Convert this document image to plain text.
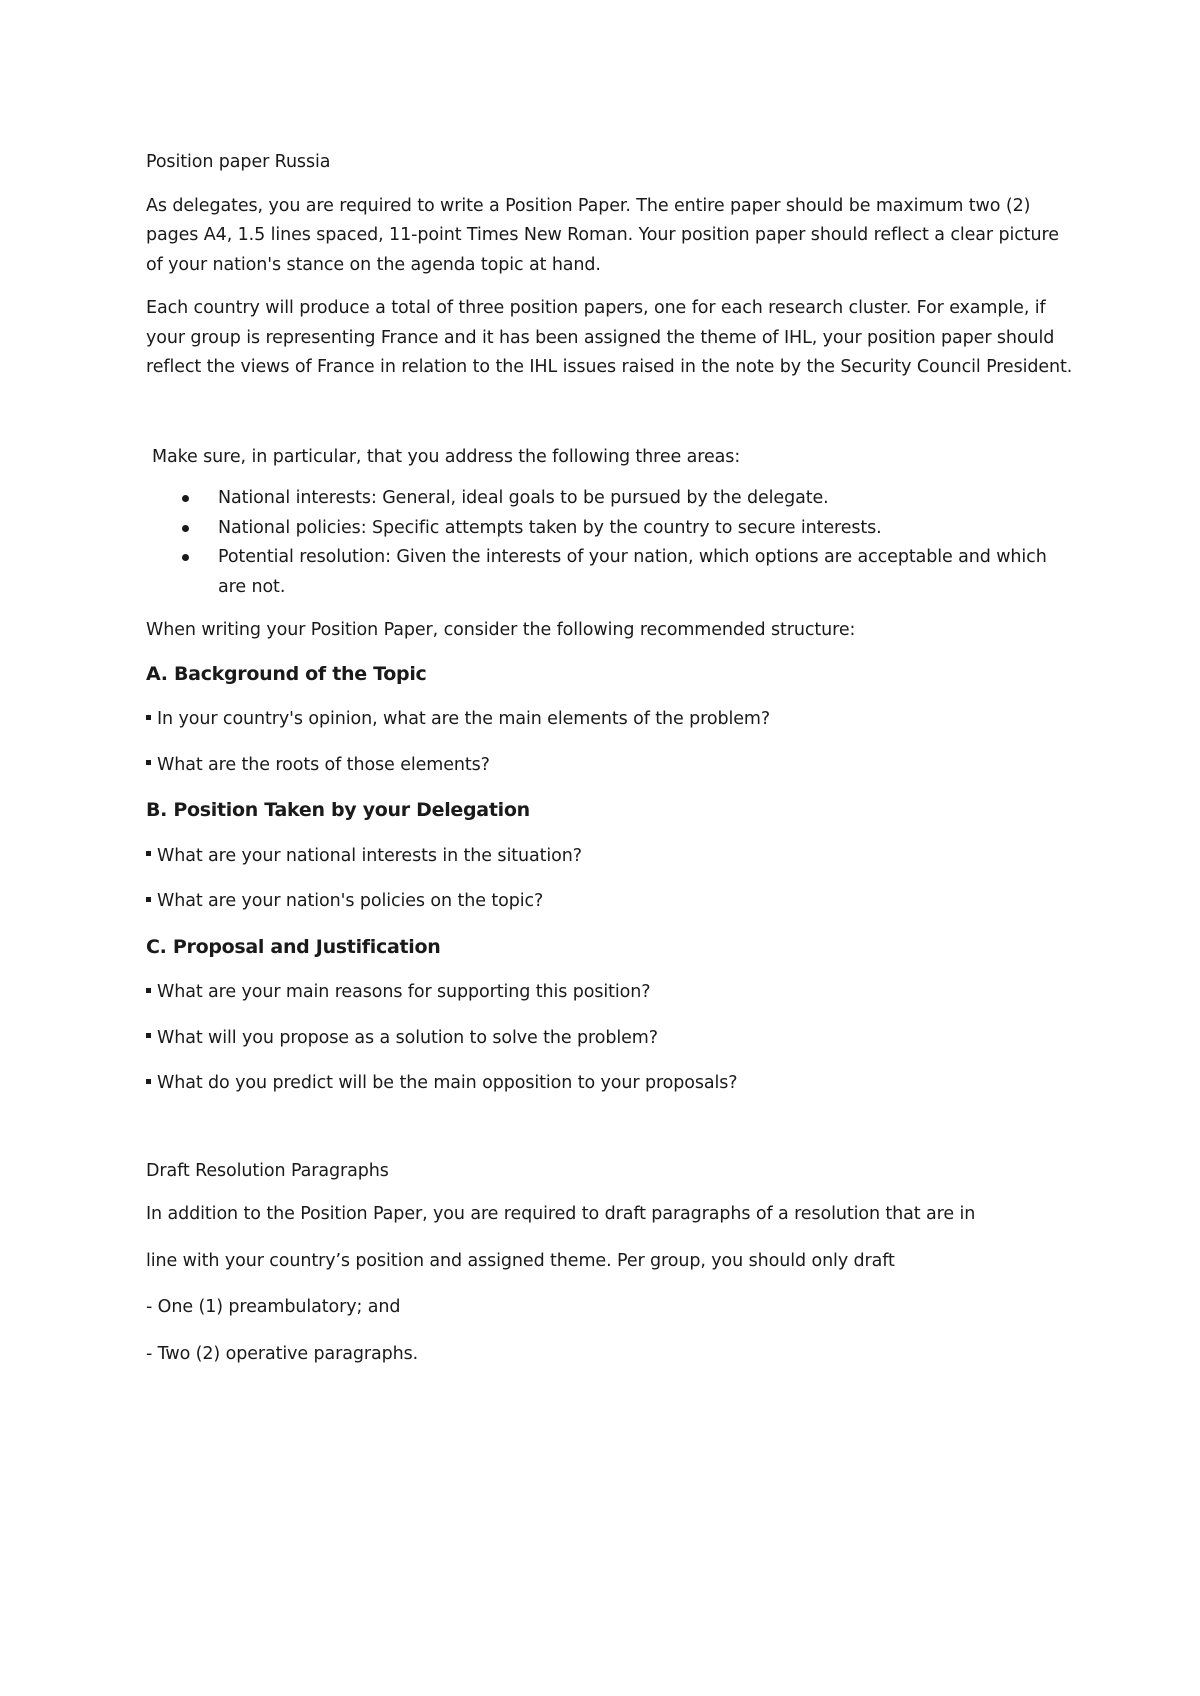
Position paper Russia

As delegates, you are required to write a Position Paper. The entire paper should be maximum two (2) pages A4, 1.5 lines spaced, 11-point Times New Roman. Your position paper should reflect a clear picture of your nation's stance on the agenda topic at hand.

Each country will produce a total of three position papers, one for each research cluster. For example, if your group is representing France and it has been assigned the theme of IHL, your position paper should reflect the views of France in relation to the IHL issues raised in the note by the Security Council President.

Make sure, in particular, that you address the following three areas:

National interests: General, ideal goals to be pursued by the delegate.
National policies: Specific attempts taken by the country to secure interests.
Potential resolution: Given the interests of your nation, which options are acceptable and which are not.

When writing your Position Paper, consider the following recommended structure:

A. Background of the Topic

In your country's opinion, what are the main elements of the problem?

What are the roots of those elements?

B. Position Taken by your Delegation

What are your national interests in the situation?

What are your nation's policies on the topic?

C. Proposal and Justification

What are your main reasons for supporting this position?

What will you propose as a solution to solve the problem?

What do you predict will be the main opposition to your proposals?

Draft Resolution Paragraphs

In addition to the Position Paper, you are required to draft paragraphs of a resolution that are in

line with your country’s position and assigned theme. Per group, you should only draft

- One (1) preambulatory; and

- Two (2) operative paragraphs.
